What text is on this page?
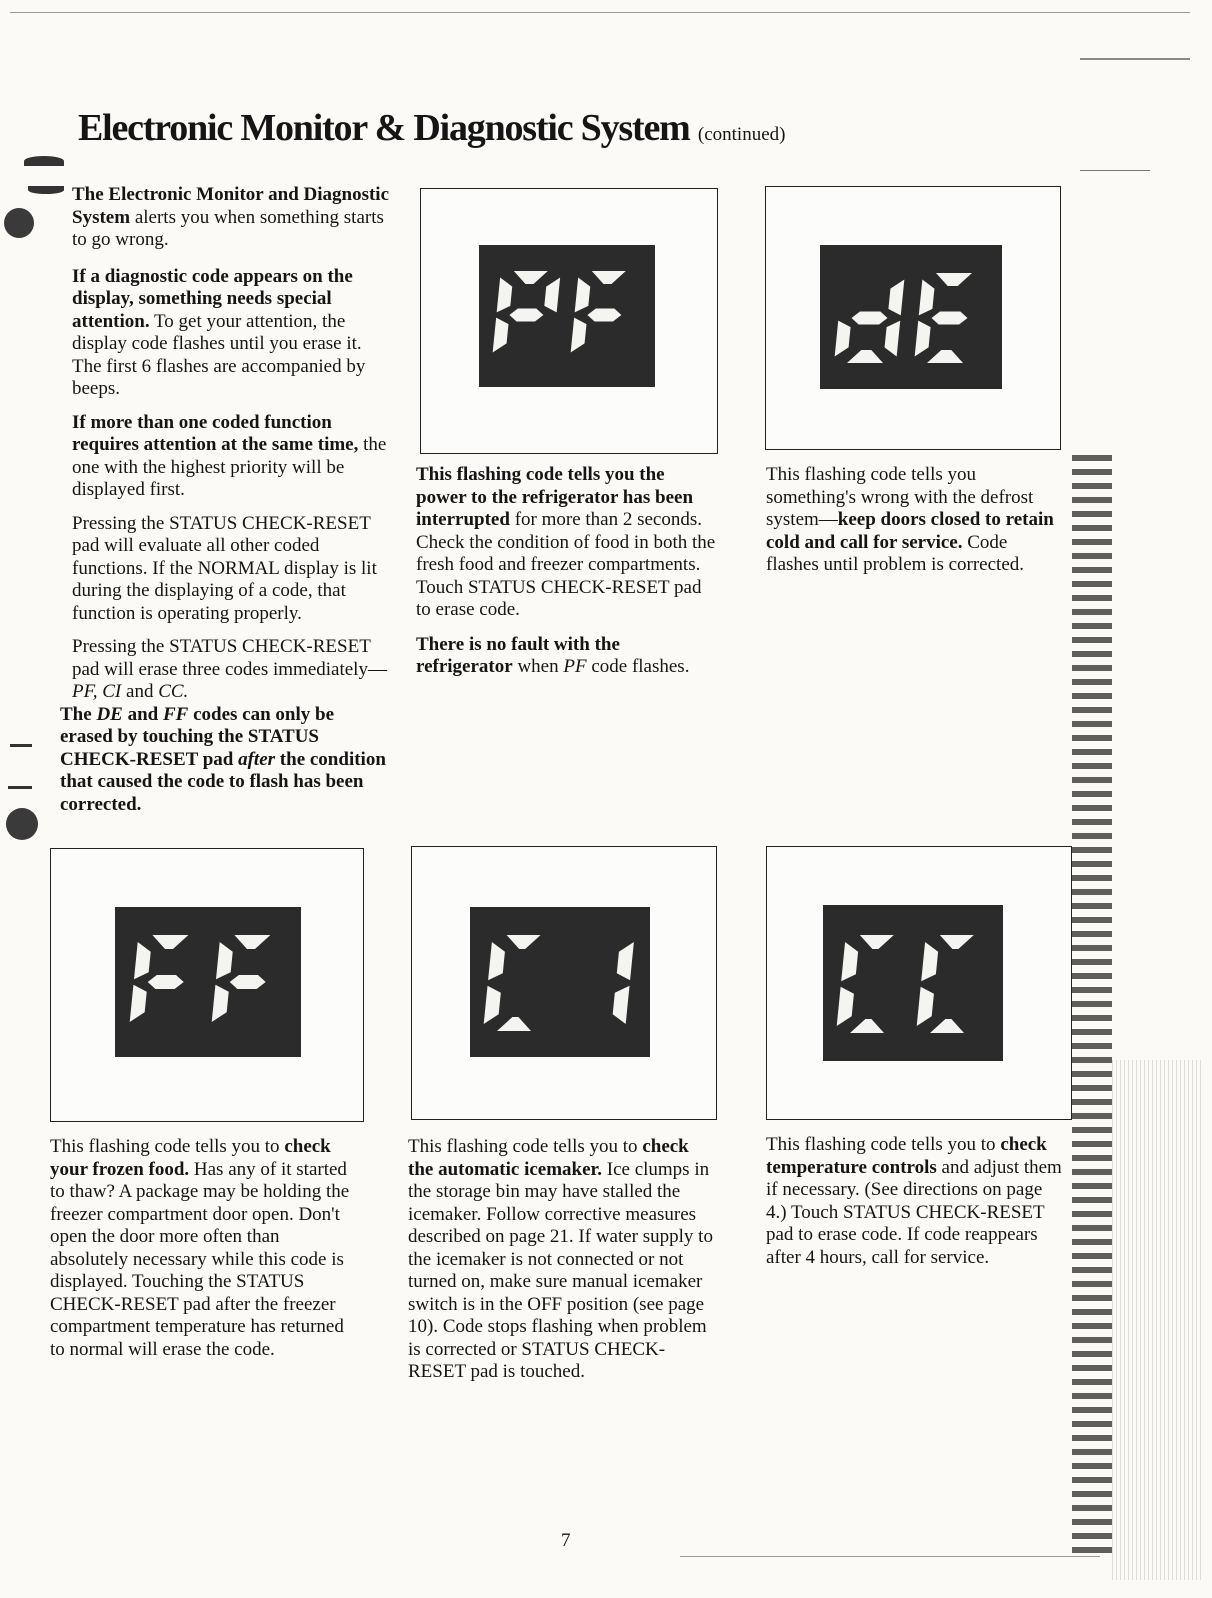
Electronic Monitor & Diagnostic System (continued)

The Electronic Monitor and Diagnostic System alerts you when something starts to go wrong.

If a diagnostic code appears on the display, something needs special attention. To get your attention, the display code flashes until you erase it. The first 6 flashes are accompanied by beeps.

If more than one coded function requires attention at the same time, the one with the highest priority will be displayed first.

Pressing the STATUS CHECK-RESET pad will evaluate all other coded functions. If the NORMAL display is lit during the displaying of a code, that function is operating properly.

Pressing the STATUS CHECK-RESET pad will erase three codes immediately—PF, CI and CC.

The DE and FF codes can only be erased by touching the STATUS CHECK-RESET pad after the condition that caused the code to flash has been corrected.

This flashing code tells you the power to the refrigerator has been interrupted for more than 2 seconds. Check the condition of food in both the fresh food and freezer compartments. Touch STATUS CHECK-RESET pad to erase code.

There is no fault with the refrigerator when PF code flashes.

This flashing code tells you something's wrong with the defrost system—keep doors closed to retain cold and call for service. Code flashes until problem is corrected.

This flashing code tells you to check your frozen food. Has any of it started to thaw? A package may be holding the freezer compartment door open. Don't open the door more often than absolutely necessary while this code is displayed. Touching the STATUS CHECK-RESET pad after the freezer compartment temperature has returned to normal will erase the code.

This flashing code tells you to check the automatic icemaker. Ice clumps in the storage bin may have stalled the icemaker. Follow corrective measures described on page 21. If water supply to the icemaker is not connected or not turned on, make sure manual icemaker switch is in the OFF position (see page 10). Code stops flashing when problem is corrected or STATUS CHECK-RESET pad is touched.

This flashing code tells you to check temperature controls and adjust them if necessary. (See directions on page 4.) Touch STATUS CHECK-RESET pad to erase code. If code reappears after 4 hours, call for service.

7
